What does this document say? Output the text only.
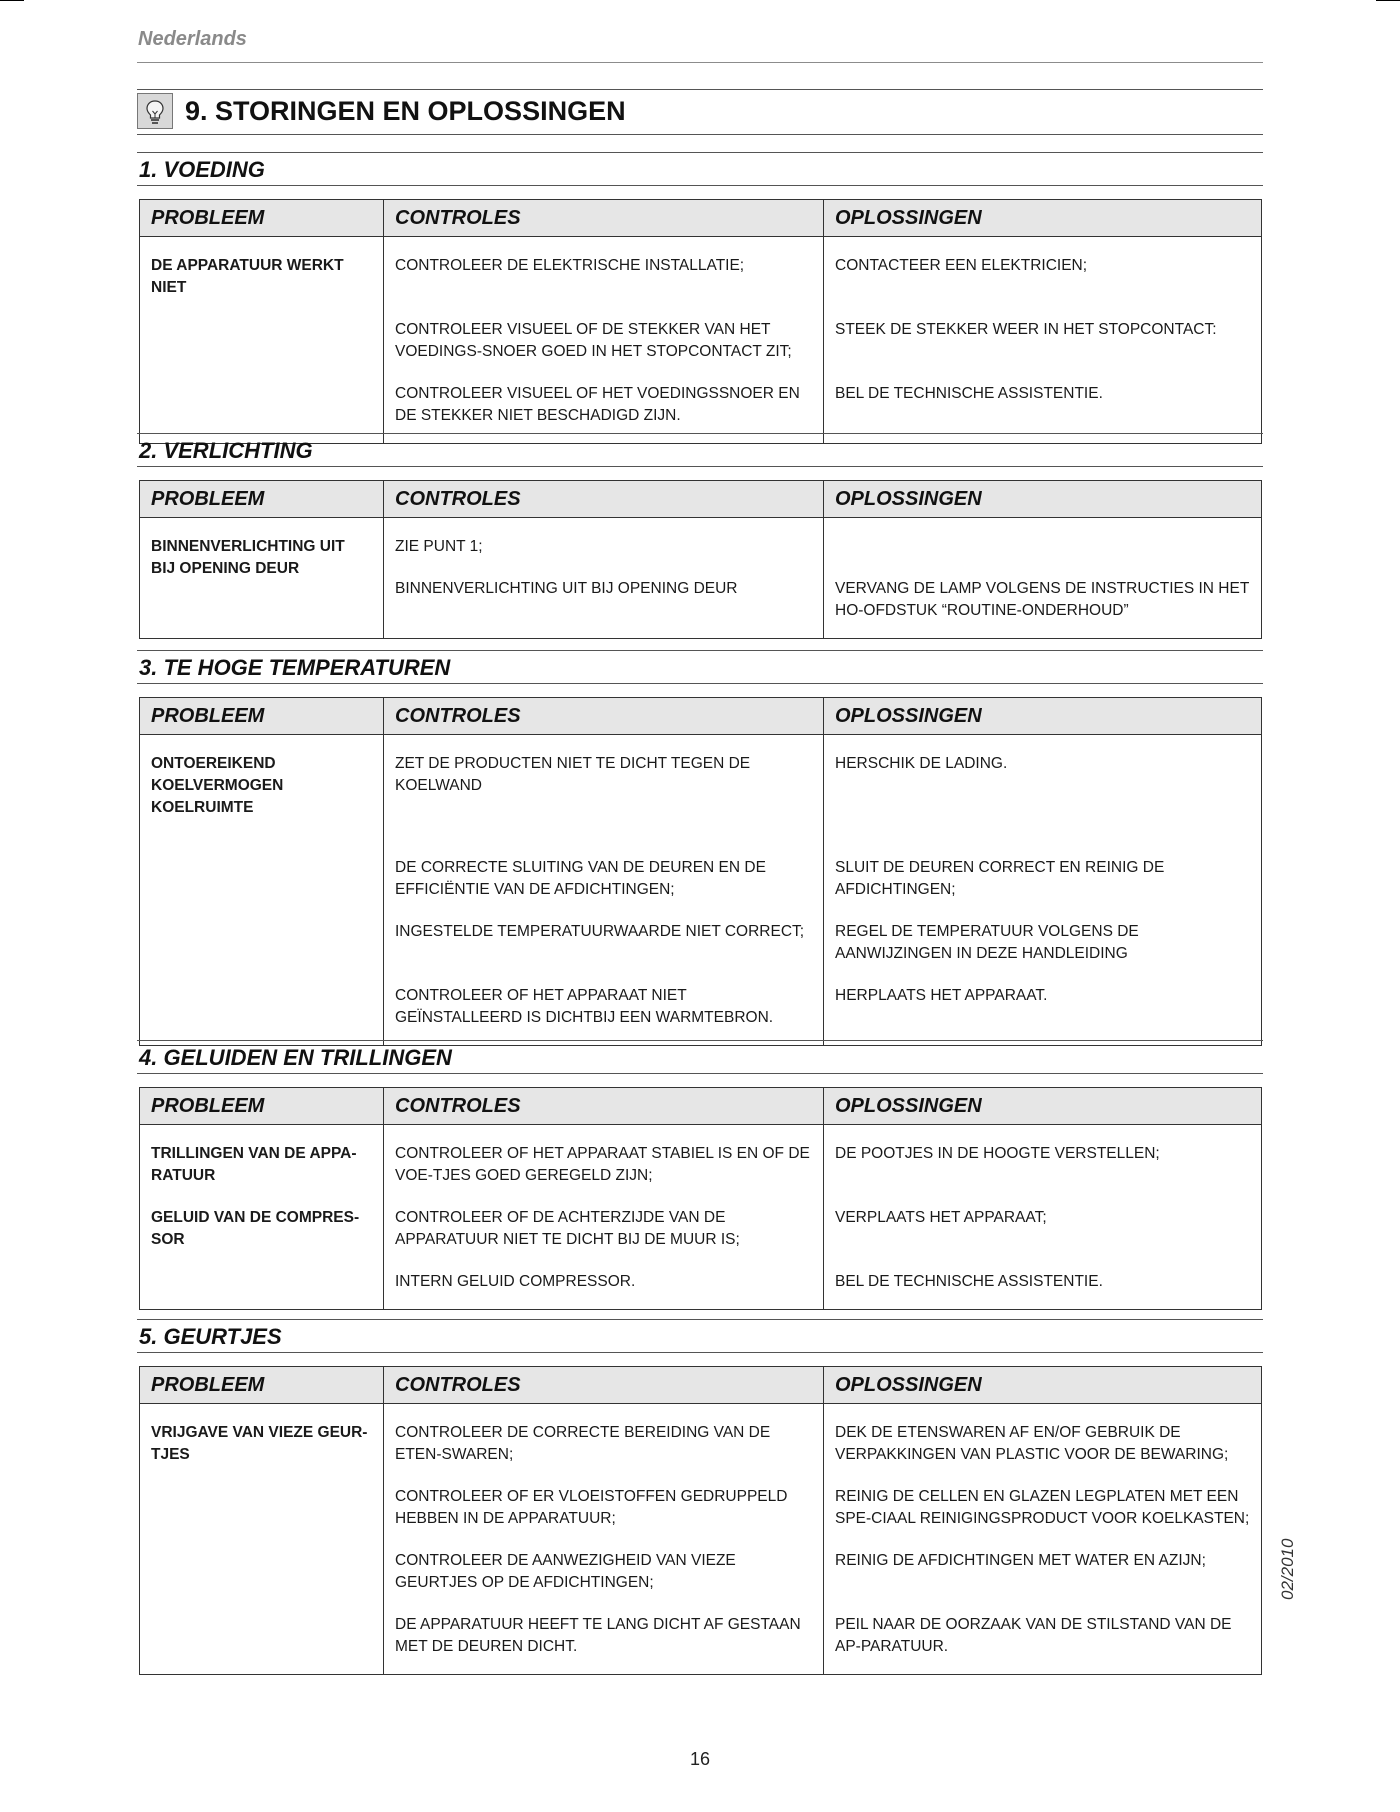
Nederlands
9. STORINGEN EN OPLOSSINGEN
1. VOEDING
PROBLEEM	CONTROLES	OPLOSSINGEN
DE APPARATUUR WERKT NIET	CONTROLEER DE ELEKTRISCHE INSTALLATIE;	CONTACTEER EEN ELEKTRICIEN;
	CONTROLEER VISUEEL OF DE STEKKER VAN HET VOEDINGS-SNOER GOED IN HET STOPCONTACT ZIT;	STEEK DE STEKKER WEER IN HET STOPCONTACT:
	CONTROLEER VISUEEL OF HET VOEDINGSSNOER EN DE STEKKER NIET BESCHADIGD ZIJN.	BEL DE TECHNISCHE ASSISTENTIE.
2. VERLICHTING
PROBLEEM	CONTROLES	OPLOSSINGEN
BINNENVERLICHTING UIT BIJ OPENING DEUR	ZIE PUNT 1;	
	BINNENVERLICHTING UIT BIJ OPENING DEUR	VERVANG DE LAMP VOLGENS DE INSTRUCTIES IN HET HO-OFDSTUK “ROUTINE-ONDERHOUD”
3. TE HOGE TEMPERATUREN
PROBLEEM	CONTROLES	OPLOSSINGEN
ONTOEREIKEND KOELVERMOGEN KOELRUIMTE	ZET DE PRODUCTEN NIET TE DICHT TEGEN DE KOELWAND	HERSCHIK DE LADING.
	DE CORRECTE SLUITING VAN DE DEUREN EN DE EFFICIËNTIE VAN DE AFDICHTINGEN;	SLUIT DE DEUREN CORRECT EN REINIG DE AFDICHTINGEN;
	INGESTELDE TEMPERATUURWAARDE NIET CORRECT;	REGEL DE TEMPERATUUR VOLGENS DE AANWIJZINGEN IN DEZE HANDLEIDING
	CONTROLEER OF HET APPARAAT NIET GEÏNSTALLEERD IS DICHTBIJ EEN WARMTEBRON.	HERPLAATS HET APPARAAT.
4. GELUIDEN EN TRILLINGEN
PROBLEEM	CONTROLES	OPLOSSINGEN
TRILLINGEN VAN DE APPA-RATUUR	CONTROLEER OF HET APPARAAT STABIEL IS EN OF DE VOE-TJES GOED GEREGELD ZIJN;	DE POOTJES IN DE HOOGTE VERSTELLEN;
GELUID VAN DE COMPRES-SOR	CONTROLEER OF DE ACHTERZIJDE VAN DE APPARATUUR NIET TE DICHT BIJ DE MUUR IS;	VERPLAATS HET APPARAAT;
	INTERN GELUID COMPRESSOR.	BEL DE TECHNISCHE ASSISTENTIE.
5. GEURTJES
PROBLEEM	CONTROLES	OPLOSSINGEN
VRIJGAVE VAN VIEZE GEUR-TJES	CONTROLEER DE CORRECTE BEREIDING VAN DE ETEN-SWAREN;	DEK DE ETENSWAREN AF EN/OF GEBRUIK DE VERPAKKINGEN VAN PLASTIC VOOR DE BEWARING;
	CONTROLEER OF ER VLOEISTOFFEN GEDRUPPELD HEBBEN IN DE APPARATUUR;	REINIG DE CELLEN EN GLAZEN LEGPLATEN MET EEN SPE-CIAAL REINIGINGSPRODUCT VOOR KOELKASTEN;
	CONTROLEER DE AANWEZIGHEID VAN VIEZE GEURTJES OP DE AFDICHTINGEN;	REINIG DE AFDICHTINGEN MET WATER EN AZIJN;
	DE APPARATUUR HEEFT TE LANG DICHT AF GESTAAN MET DE DEUREN DICHT.	PEIL NAAR DE OORZAAK VAN DE STILSTAND VAN DE AP-PARATUUR.
02/2010
16
